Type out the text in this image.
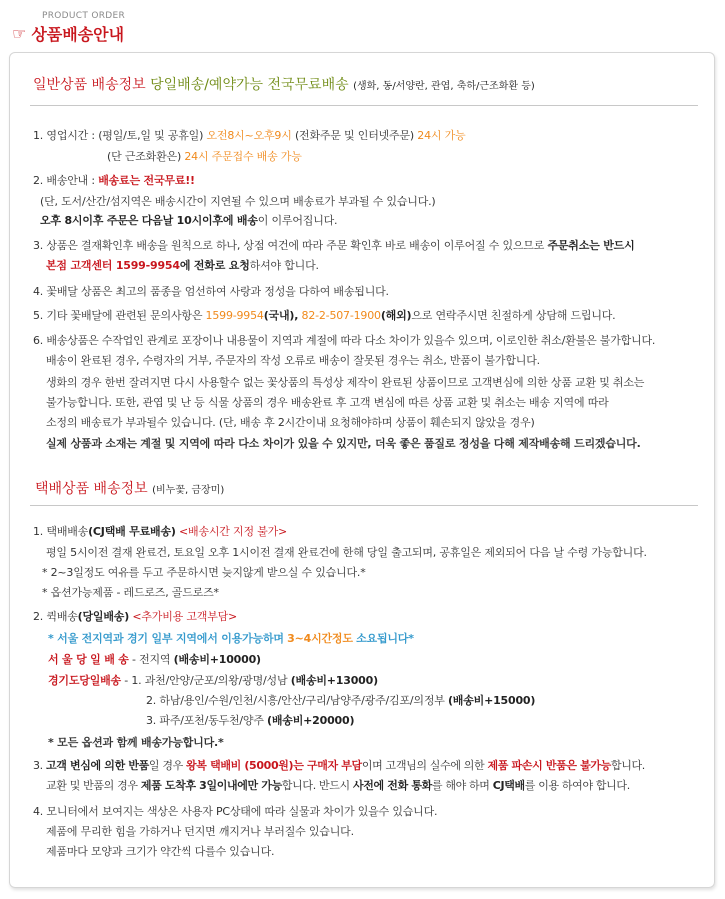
PRODUCT ORDER
☞ 상품배송안내
일반상품 배송정보 당일배송/예약가능 전국무료배송 (생화, 동/서양란, 관엽, 축하/근조화환 등)
1. 영업시간 : (평일/토,일 및 공휴일) 오전8시~오후9시 (전화주문 및 인터넷주문) 24시 가능
(단 근조화환은) 24시 주문접수 배송 가능
2. 배송안내 : 배송료는 전국무료!!
(단, 도서/산간/섬지역은 배송시간이 지연될 수 있으며 배송료가 부과될 수 있습니다.)
오후 8시이후 주문은 다음날 10시이후에 배송이 이루어집니다.
3. 상품은 결재확인후 배송을 원칙으로 하나, 상점 여건에 따라 주문 확인후 바로 배송이 이루어질 수 있으므로 주문취소는 반드시
본점 고객센터 1599-9954에 전화로 요청하셔야 합니다.
4. 꽃배달 상품은 최고의 품종을 엄선하여 사랑과 정성을 다하여 배송됩니다.
5. 기타 꽃배달에 관련된 문의사항은 1599-9954(국내), 82-2-507-1900(해외)으로 연락주시면 친절하게 상담해 드립니다.
6. 배송상품은 수작업인 관계로 포장이나 내용물이 지역과 계절에 따라 다소 차이가 있을수 있으며, 이로인한 취소/환불은 불가합니다.
배송이 완료된 경우, 수령자의 거부, 주문자의 작성 오류로 배송이 잘못된 경우는 취소, 반품이 불가합니다.
생화의 경우 한번 잘려지면 다시 사용할수 없는 꽃상품의 특성상 제작이 완료된 상품이므로 고객변심에 의한 상품 교환 및 취소는
불가능합니다. 또한, 관엽 및 난 등 식물 상품의 경우 배송완료 후 고객 변심에 따른 상품 교환 및 취소는 배송 지역에 따라
소정의 배송료가 부과될수 있습니다. (단, 배송 후 2시간이내 요청해야하며 상품이 훼손되지 않았을 경우)
실제 상품과 소재는 계절 및 지역에 따라 다소 차이가 있을 수 있지만, 더욱 좋은 품질로 정성을 다해 제작배송해 드리겠습니다.
택배상품 배송정보 (비누꽃, 금장미)
1. 택배배송(CJ택배 무료배송) <배송시간 지정 불가>
평일 5시이전 결재 완료건, 토요일 오후 1시이전 결재 완료건에 한해 당일 출고되며, 공휴일은 제외되어 다음 날 수령 가능합니다.
* 2~3일정도 여유를 두고 주문하시면 늦지않게 받으실 수 있습니다.*
* 옵션가능제품 - 레드로즈, 골드로즈*
2. 퀵배송(당일배송) <추가비용 고객부담>
* 서울 전지역과 경기 일부 지역에서 이용가능하며 3~4시간정도 소요됩니다*
서 울 당 일 배 송 - 전지역 (배송비+10000)
경기도당일배송 - 1. 과천/안양/군포/의왕/광명/성남 (배송비+13000)
2. 하남/용인/수원/인천/시흥/안산/구리/남양주/광주/김포/의정부 (배송비+15000)
3. 파주/포천/동두천/양주 (배송비+20000)
* 모든 옵션과 함께 배송가능합니다.*
3. 고객 변심에 의한 반품일 경우 왕복 택배비 (5000원)는 구매자 부담이며 고객님의 실수에 의한 제품 파손시 반품은 불가능합니다.
교환 및 반품의 경우 제품 도착후 3일이내에만 가능합니다. 반드시 사전에 전화 통화를 해야 하며 CJ택배를 이용 하여야 합니다.
4. 모니터에서 보여지는 색상은 사용자 PC상태에 따라 실물과 차이가 있을수 있습니다.
제품에 무리한 힘을 가하거나 던지면 깨지거나 부러질수 있습니다.
제품마다 모양과 크기가 약간씩 다를수 있습니다.
